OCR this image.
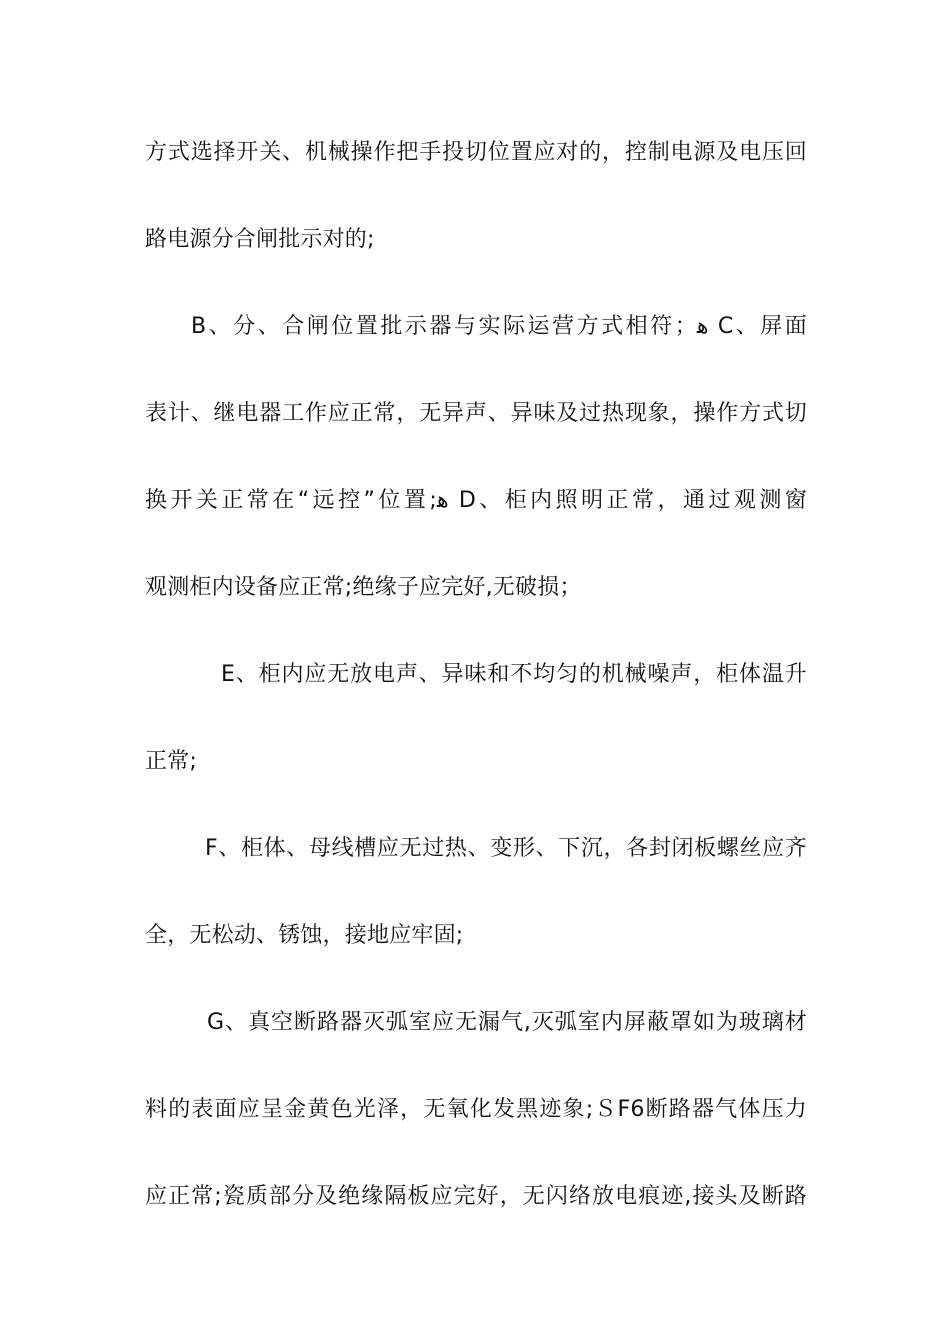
方式选择开关、机械操作把手投切位置应对的，控制电源及电压回
路电源分合闸批示对的;
B、分、合闸位置批示器与实际运营方式相符；ﻫ C、屏面
表计、继电器工作应正常，无异声、异味及过热现象，操作方式切
换开关正常在“远控”位置;ﻫ D、柜内照明正常，通过观测窗
观测柜内设备应正常;绝缘子应完好,无破损；
E、柜内应无放电声、异味和不均匀的机械噪声，柜体温升
正常;
F、柜体、母线槽应无过热、变形、下沉，各封闭板螺丝应齐
全，无松动、锈蚀，接地应牢固;
G、真空断路器灭弧室应无漏气,灭弧室内屏蔽罩如为玻璃材
料的表面应呈金黄色光泽，无氧化发黑迹象;ＳF6断路器气体压力
应正常;瓷质部分及绝缘隔板应完好，无闪络放电痕迹,接头及断路
